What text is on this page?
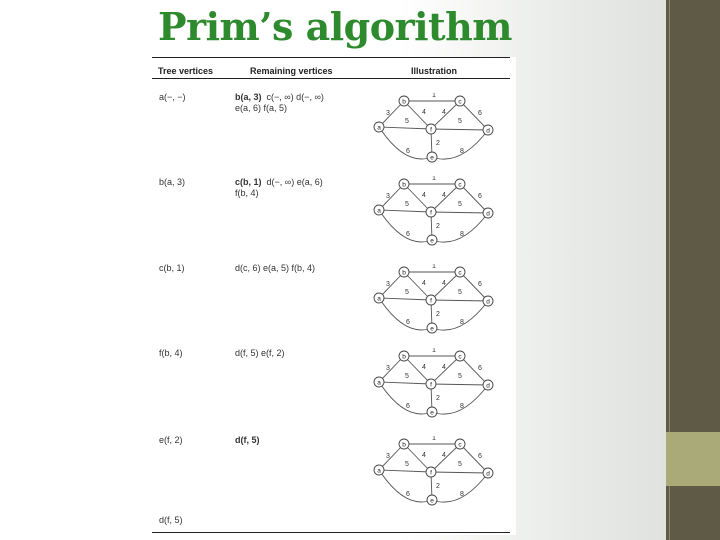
Prim’s algorithm
Tree vertices	Remaining vertices	Illustration
a(−, −)	b(a, 3) c(−, ∞) d(−, ∞)
e(a, 6) f(a, 5)
b(a, 3)	c(b, 1) d(−, ∞) e(a, 6)
f(b, 4)
c(b, 1)	d(c, 6) e(a, 5) f(b, 4)
f(b, 4)	d(f, 5) e(f, 2)
e(f, 2)	d(f, 5)
d(f, 5)
1
3	4 4	6
5	5
2
6	8
a
b	c
d
e
f
1
3	4 4	6
5	5
2
6	8
a
b	c
d
e
f
1
3	4 4	6
5	5
2
6	8
a
b	c
d
e
f
1
3	4 4	6
5	5
2
6	8
a
b	c
d
e
f
1
3	4 4	6
5	5
2
6	8
a
b	c
d
e
f
